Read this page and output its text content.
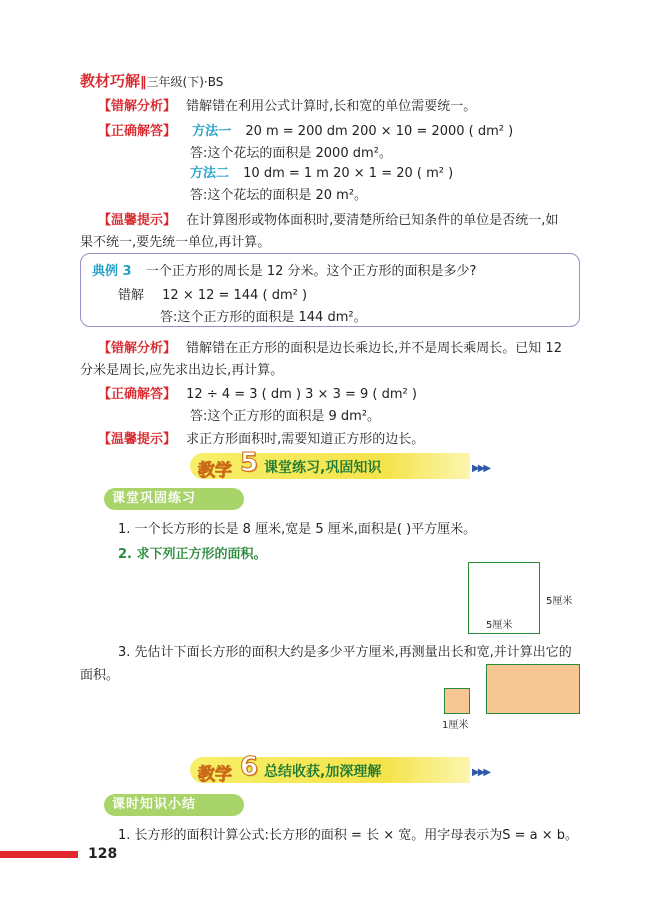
教材巧解‖三年级(下)·BS
【错解分析】 错解错在利用公式计算时,长和宽的单位需要统一。
【正确解答】 方法一 20 m = 200 dm 200 × 10 = 2000 ( dm² )
答:这个花坛的面积是 2000 dm²。
方法二 10 dm = 1 m 20 × 1 = 20 ( m² )
答:这个花坛的面积是 20 m²。
【温馨提示】 在计算图形或物体面积时,要清楚所给已知条件的单位是否统一,如
果不统一,要先统一单位,再计算。
典例 3 一个正方形的周长是 12 分米。这个正方形的面积是多少?
错解 12 × 12 = 144 ( dm² )
答:这个正方形的面积是 144 dm²。
【错解分析】 错解错在正方形的面积是边长乘边长,并不是周长乘周长。已知 12
分米是周长,应先求出边长,再计算。
【正确解答】 12 ÷ 4 = 3 ( dm ) 3 × 3 = 9 ( dm² )
答:这个正方形的面积是 9 dm²。
【温馨提示】 求正方形面积时,需要知道正方形的边长。
教学 5 课堂练习,巩固知识	▶▶▶
课堂巩固练习
1. 一个长方形的长是 8 厘米,宽是 5 厘米,面积是( )平方厘米。
2. 求下列正方形的面积。
5厘米
5厘米
3. 先估计下面长方形的面积大约是多少平方厘米,再测量出长和宽,并计算出它的
面积。
1厘米
教学 6 总结收获,加深理解	▶▶▶
课时知识小结
1. 长方形的面积计算公式:长方形的面积 = 长 × 宽。用字母表示为S = a × b。
128
